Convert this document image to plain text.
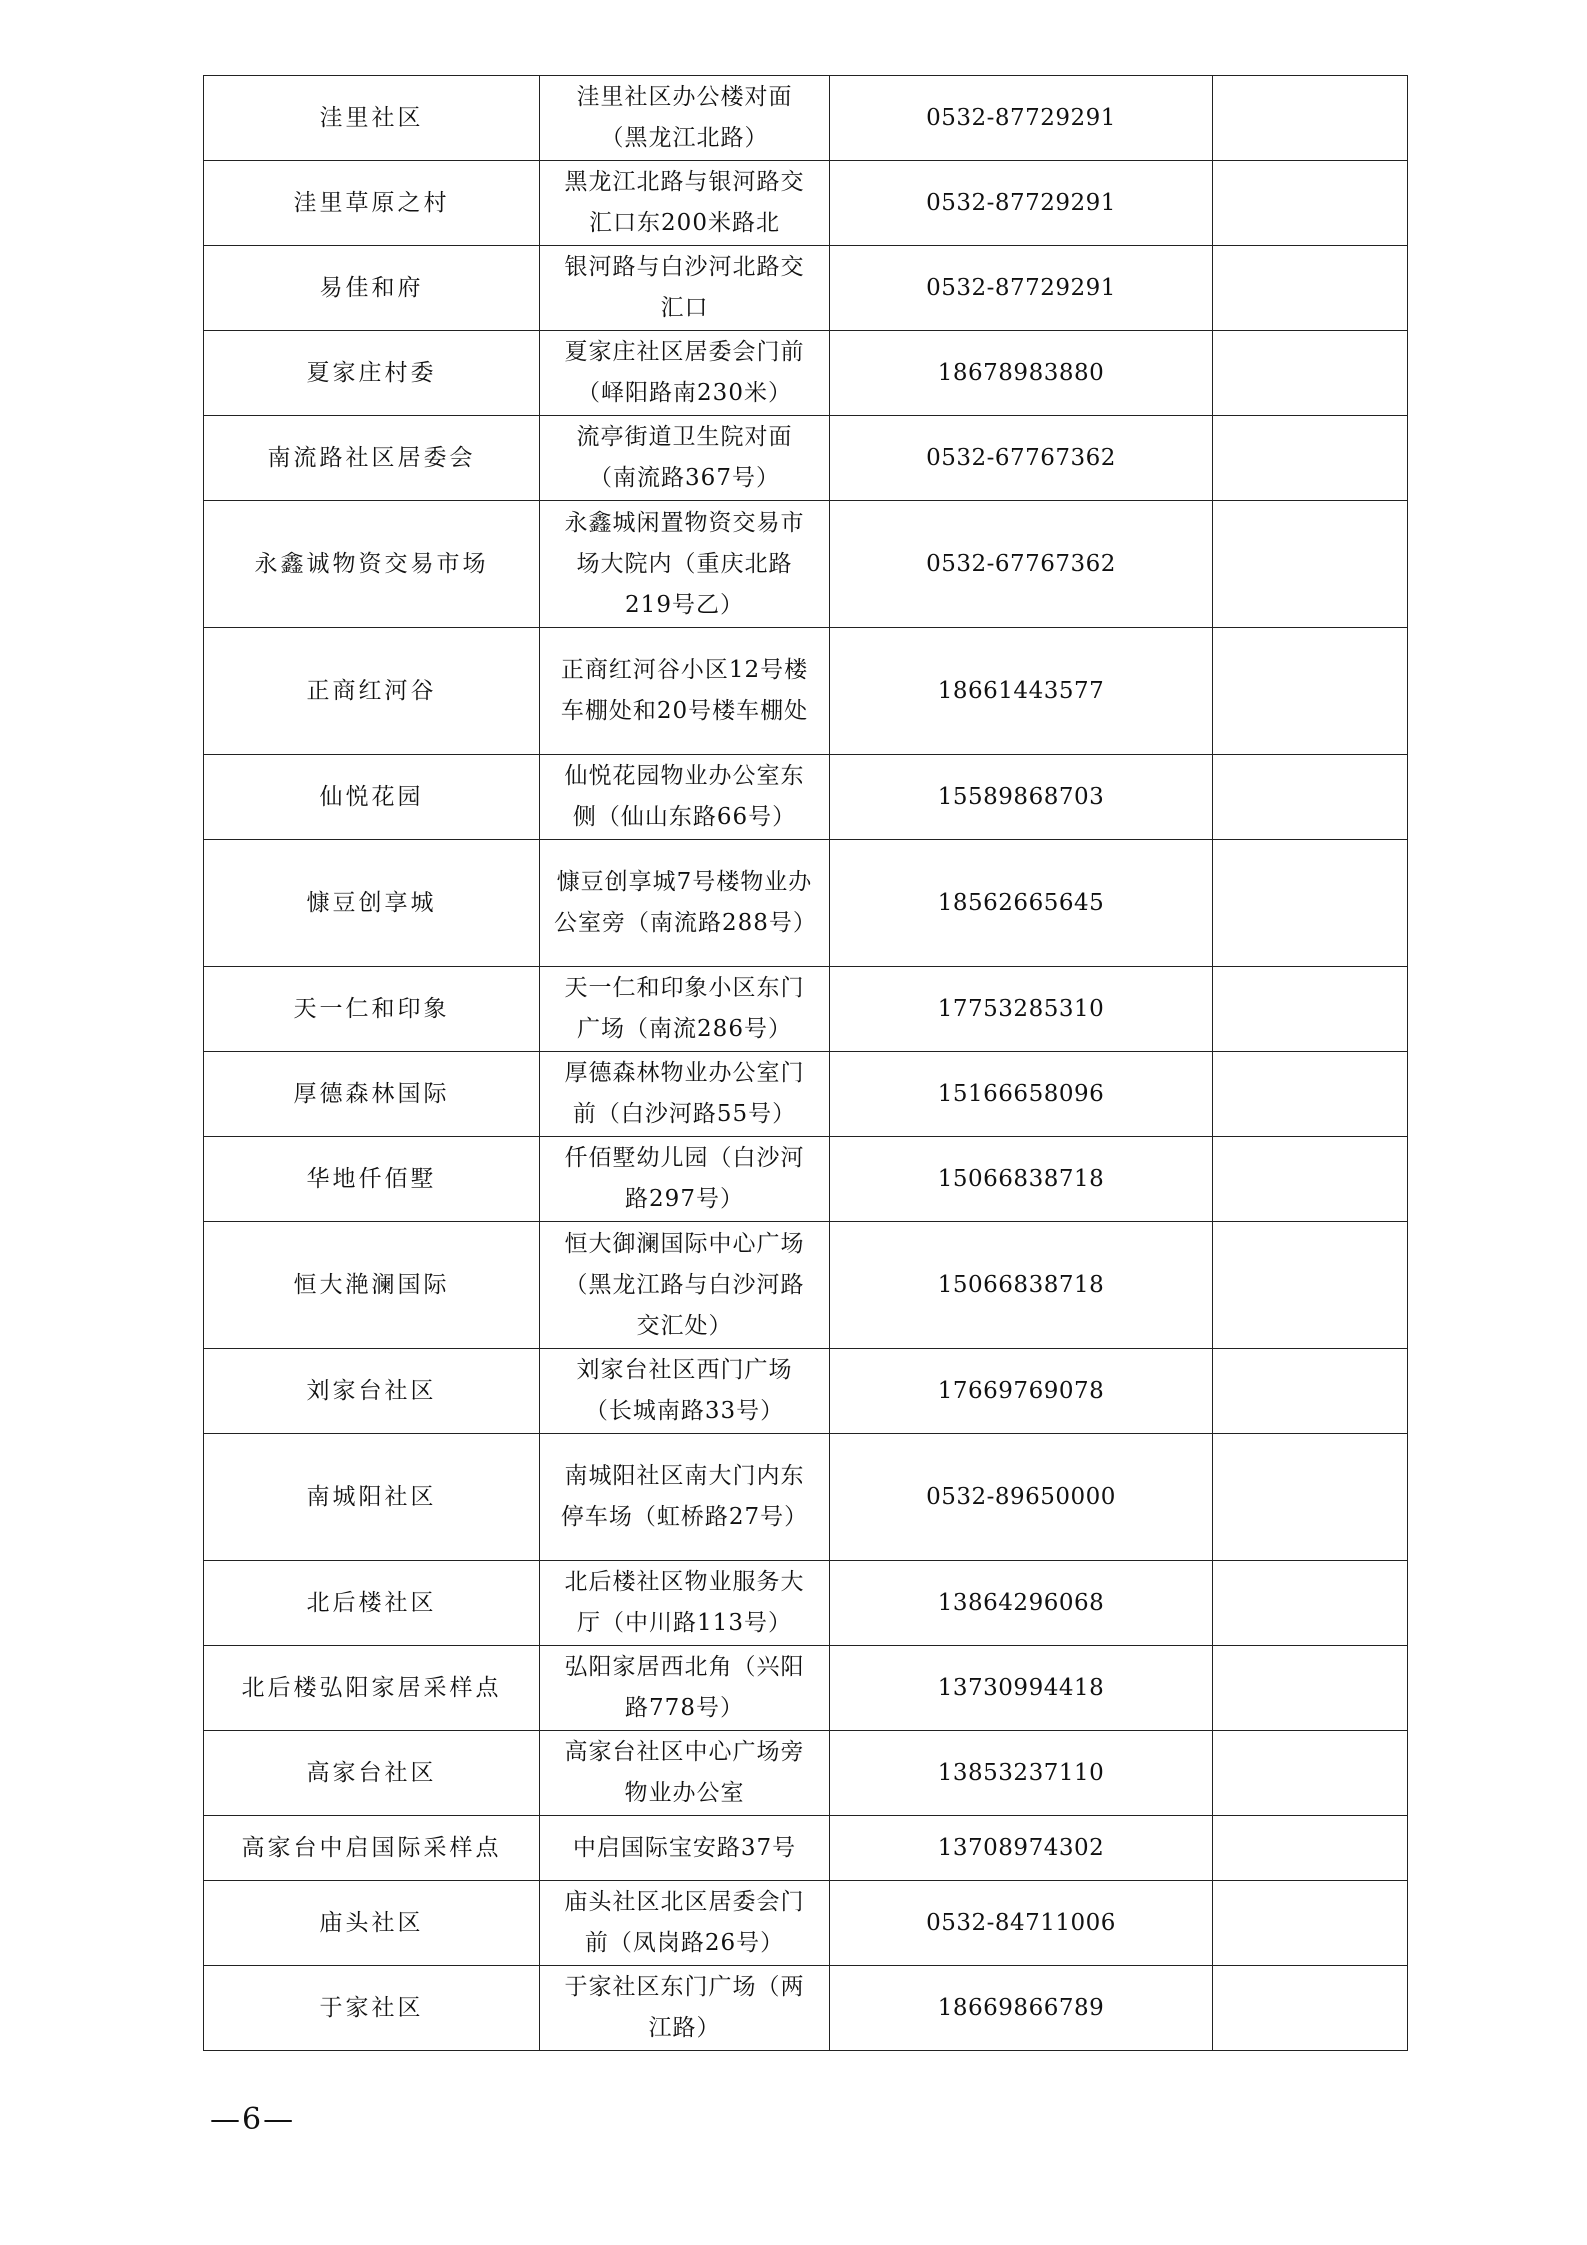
洼里社区	洼里社区办公楼对面（黑龙江北路）	0532-87729291	
洼里草原之村	黑龙江北路与银河路交汇口东200米路北	0532-87729291	
易佳和府	银河路与白沙河北路交汇口	0532-87729291	
夏家庄村委	夏家庄社区居委会门前（峄阳路南230米）	18678983880	
南流路社区居委会	流亭街道卫生院对面（南流路367号）	0532-67767362	
永鑫诚物资交易市场	永鑫城闲置物资交易市场大院内（重庆北路219号乙）	0532-67767362	
正商红河谷	正商红河谷小区12号楼车棚处和20号楼车棚处	18661443577	
仙悦花园	仙悦花园物业办公室东侧（仙山东路66号）	15589868703	
慷豆创享城	慷豆创享城7号楼物业办公室旁（南流路288号）	18562665645	
天一仁和印象	天一仁和印象小区东门广场（南流286号）	17753285310	
厚德森林国际	厚德森林物业办公室门前（白沙河路55号）	15166658096	
华地仟佰墅	仟佰墅幼儿园（白沙河路297号）	15066838718	
恒大滟澜国际	恒大御澜国际中心广场（黑龙江路与白沙河路交汇处）	15066838718	
刘家台社区	刘家台社区西门广场（长城南路33号）	17669769078	
南城阳社区	南城阳社区南大门内东停车场（虹桥路27号）	0532-89650000	
北后楼社区	北后楼社区物业服务大厅（中川路113号）	13864296068	
北后楼弘阳家居采样点	弘阳家居西北角（兴阳路778号）	13730994418	
高家台社区	高家台社区中心广场旁物业办公室	13853237110	
高家台中启国际采样点	中启国际宝安路37号	13708974302	
庙头社区	庙头社区北区居委会门前（凤岗路26号）	0532-84711006	
于家社区	于家社区东门广场（两江路）	18669866789	
—6—
